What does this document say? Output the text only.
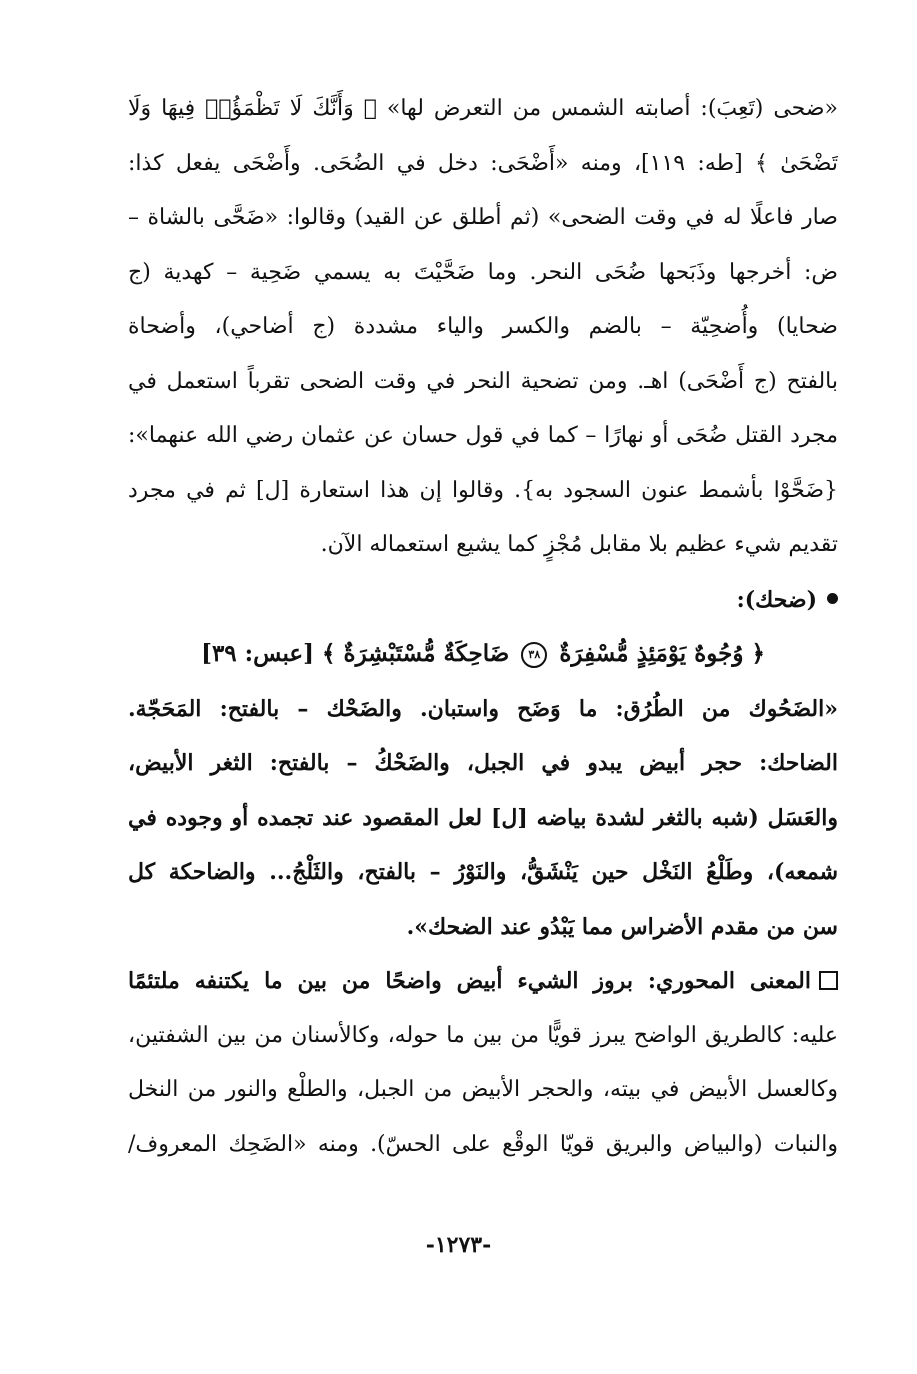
«ضحى (تَعِبَ): أصابته الشمس من التعرض لها» ﴿ وَأَنَّكَ لَا تَظْمَؤُا۟ فِيهَا وَلَا
تَضْحَىٰ ﴾ [طه: ١١٩]، ومنه «أَضْحَى: دخل في الضُحَى. وأَضْحَى يفعل كذا:
صار فاعلًا له في وقت الضحى» (ثم أطلق عن القيد) وقالوا: «ضَحَّى بالشاة –
ض: أخرجها وذَبَحها ضُحَى النحر. وما ضَحَّيْتَ به يسمي ضَحِية – كهدية (ج
ضحايا) وأُضحِيّة – بالضم والكسر والياء مشددة (ج أضاحي)، وأضحاة
بالفتح (ج أَضْحَى) اهـ. ومن تضحية النحر في وقت الضحى تقرباً استعمل في
مجرد القتل ضُحَى أو نهارًا – كما في قول حسان عن عثمان رضي الله عنهما»:
{ضَحَّوْا بأشمط عنون السجود به}. وقالوا إن هذا استعارة [ل] ثم في مجرد
تقديم شيء عظيم بلا مقابل مُجْزٍ كما يشيع استعماله الآن.
(ضحك):
﴿ وُجُوهٌ يَوْمَئِذٍ مُّسْفِرَةٌ ٣٨ ضَاحِكَةٌ مُّسْتَبْشِرَةٌ ﴾ [عبس: ٣٩]
«الضَحُوك من الطُرُق: ما وَضَح واستبان. والضَحْك – بالفتح: المَحَجّة.
الضاحك: حجر أبيض يبدو في الجبل، والضَحْكُ – بالفتح: الثغر الأبيض،
والعَسَل (شبه بالثغر لشدة بياضه [ل] لعل المقصود عند تجمده أو وجوده في
شمعه)، وطَلْعُ النَخْل حين يَنْشَقُّ، والنَوْرُ – بالفتح، والثَلْجُ... والضاحكة كل
سن من مقدم الأضراس مما يَبْدُو عند الضحك».
المعنى المحوري: بروز الشيء أبيض واضحًا من بين ما يكتنفه ملتئمًا
عليه: كالطريق الواضح يبرز قويًّا من بين ما حوله، وكالأسنان من بين الشفتين،
وكالعسل الأبيض في بيته، والحجر الأبيض من الجبل، والطلْع والنور من النخل
والنبات (والبياض والبريق قويّا الوقْع على الحسّ). ومنه «الضَحِك المعروف/
-١٢٧٣-
